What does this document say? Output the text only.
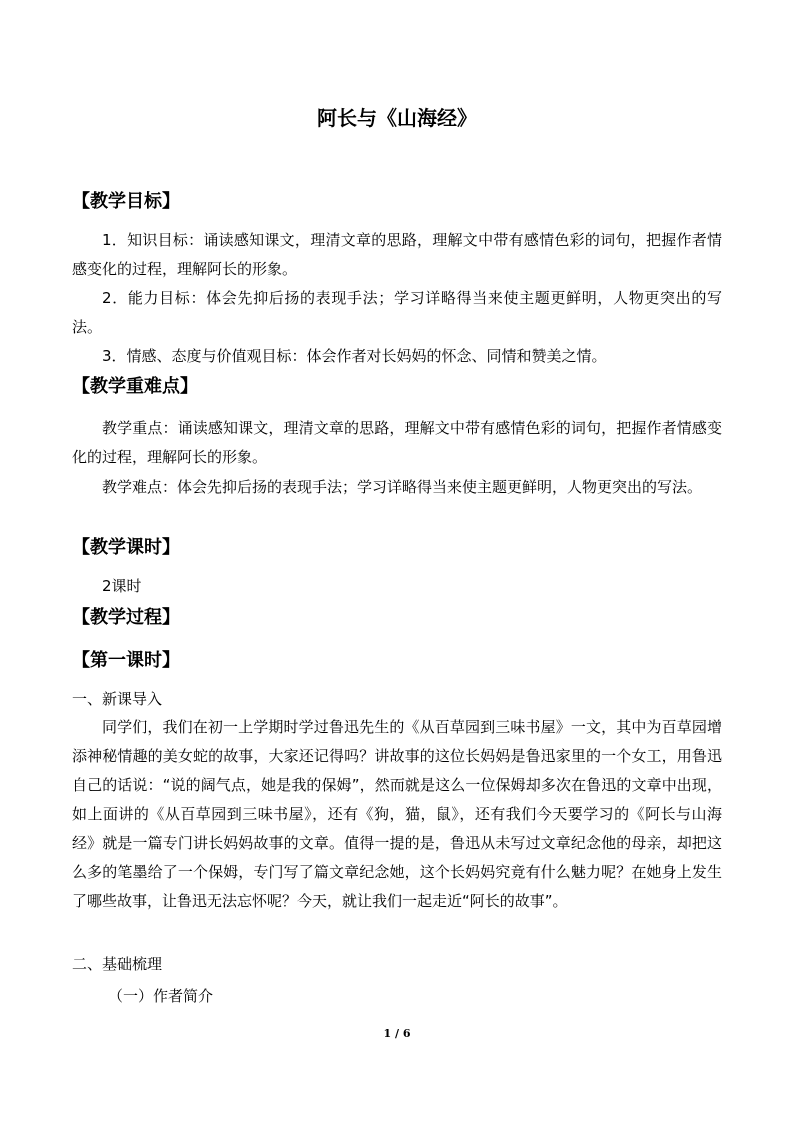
阿长与《山海经》
【教学目标】
1．知识目标：诵读感知课文，理清文章的思路，理解文中带有感情色彩的词句，把握作者情感变化的过程，理解阿长的形象。
2．能力目标：体会先抑后扬的表现手法；学习详略得当来使主题更鲜明，人物更突出的写法。
3．情感、态度与价值观目标：体会作者对长妈妈的怀念、同情和赞美之情。
【教学重难点】
教学重点：诵读感知课文，理清文章的思路，理解文中带有感情色彩的词句，把握作者情感变化的过程，理解阿长的形象。
教学难点：体会先抑后扬的表现手法；学习详略得当来使主题更鲜明，人物更突出的写法。
【教学课时】
2课时
【教学过程】
【第一课时】
一、新课导入
同学们，我们在初一上学期时学过鲁迅先生的《从百草园到三味书屋》一文，其中为百草园增添神秘情趣的美女蛇的故事，大家还记得吗？讲故事的这位长妈妈是鲁迅家里的一个女工，用鲁迅自己的话说：“说的阔气点，她是我的保姆”，然而就是这么一位保姆却多次在鲁迅的文章中出现，如上面讲的《从百草园到三味书屋》，还有《狗，猫，鼠》，还有我们今天要学习的《阿长与山海经》就是一篇专门讲长妈妈故事的文章。值得一提的是，鲁迅从未写过文章纪念他的母亲，却把这么多的笔墨给了一个保姆，专门写了篇文章纪念她，这个长妈妈究竟有什么魅力呢？在她身上发生了哪些故事，让鲁迅无法忘怀呢？今天，就让我们一起走近“阿长的故事”。
二、基础梳理
（一）作者简介
1 / 6
